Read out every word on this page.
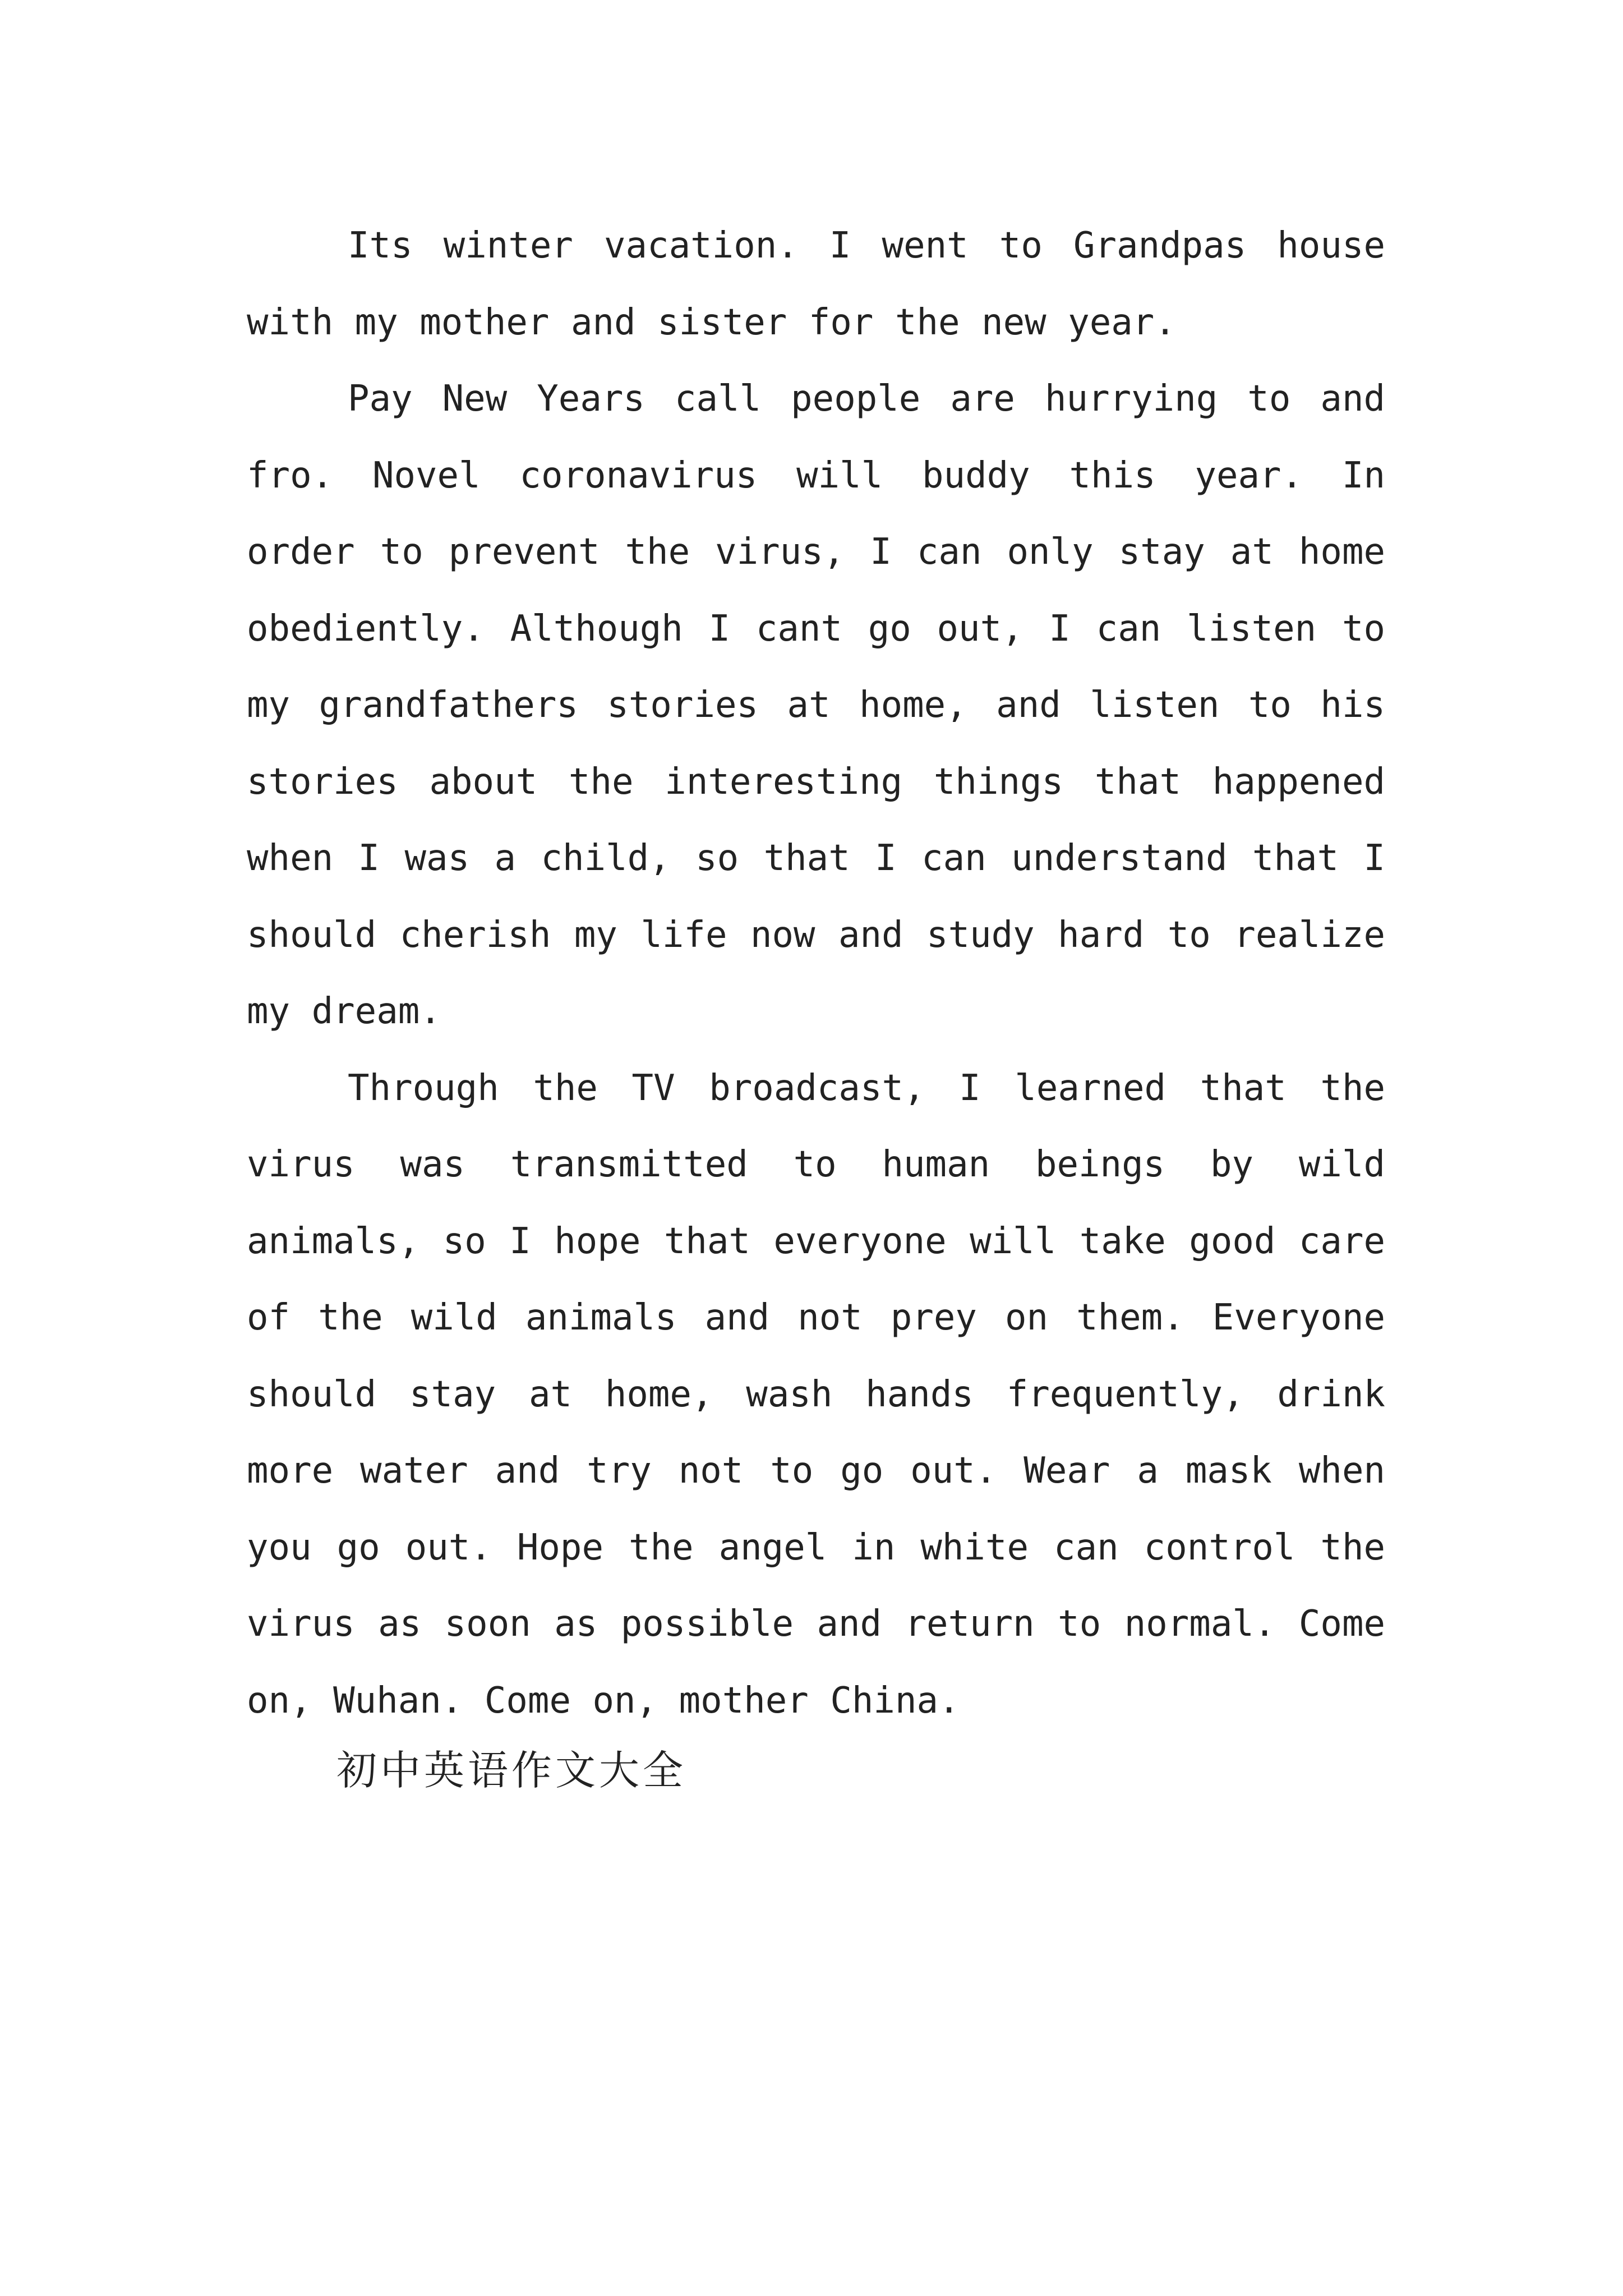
Its winter vacation. I went to Grandpas house with my mother and sister for the new year.

Pay New Years call people are hurrying to and fro. Novel coronavirus will buddy this year. In order to prevent the virus, I can only stay at home obediently. Although I cant go out, I can listen to my grandfathers stories at home, and listen to his stories about the interesting things that happened when I was a child, so that I can understand that I should cherish my life now and study hard to realize my dream.

Through the TV broadcast, I learned that the virus was transmitted to human beings by wild animals, so I hope that everyone will take good care of the wild animals and not prey on them. Everyone should stay at home, wash hands frequently, drink more water and try not to go out. Wear a mask when you go out. Hope the angel in white can control the virus as soon as possible and return to normal. Come on, Wuhan. Come on, mother China.

初中英语作文大全
